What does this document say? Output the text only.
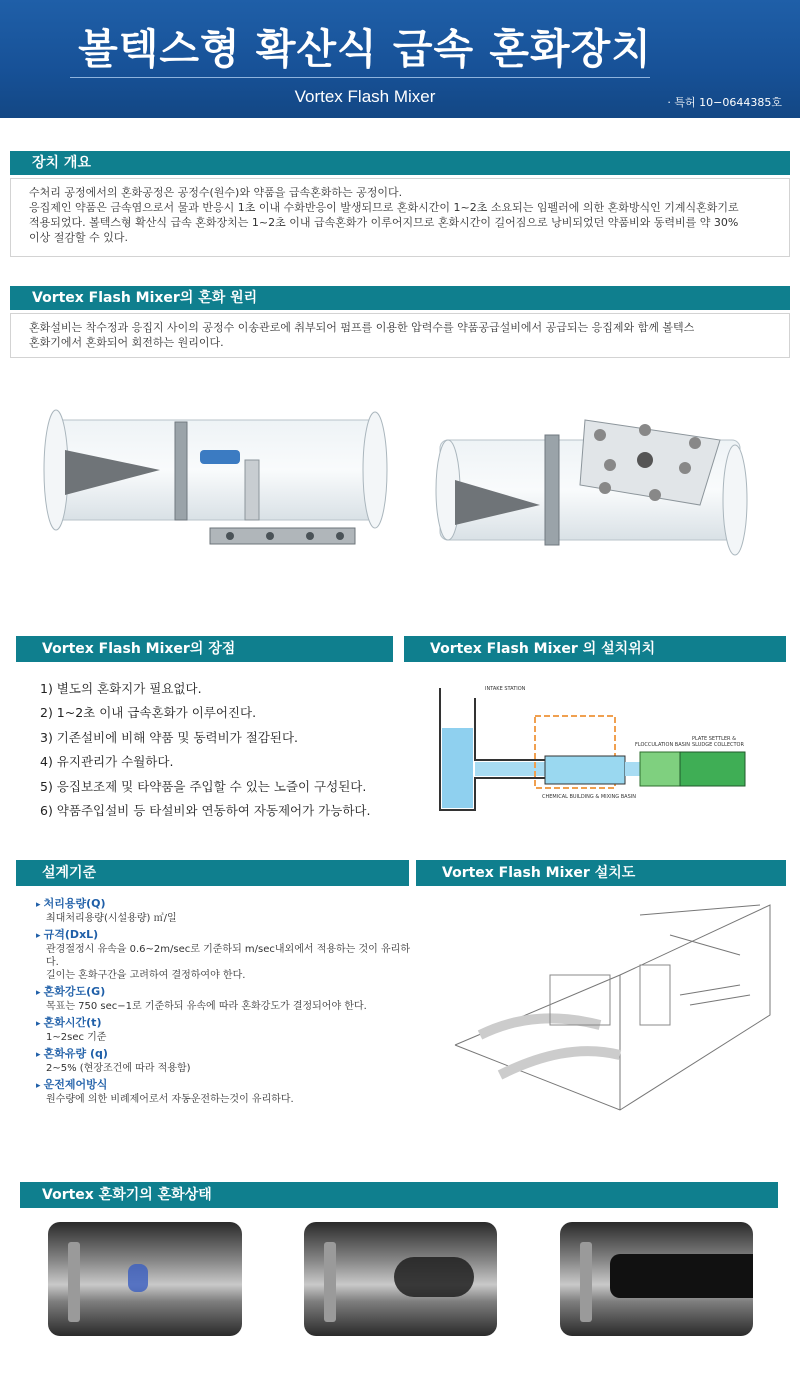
볼텍스형 확산식 급속 혼화장치
Vortex Flash Mixer	· 특허 10−0644385호
장치 개요
수처리 공정에서의 혼화공정은 공정수(원수)와 약품을 급속혼화하는 공정이다.
응집제인 약품은 금속염으로서 물과 반응시 1초 이내 수화반응이 발생되므로 혼화시간이 1~2초 소요되는 임펠러에 의한 혼화방식인 기계식혼화기로
적용되었다. 볼텍스형 확산식 급속 혼화장치는 1~2초 이내 급속혼화가 이루어지므로 혼화시간이 길어짐으로 낭비되었던 약품비와 동력비를 약 30%
이상 절감할 수 있다.
Vortex Flash Mixer의 혼화 원리
혼화설비는 착수정과 응집지 사이의 공정수 이송관로에 취부되어 펌프를 이용한 압력수를 약품공급설비에서 공급되는 응집제와 함께 볼텍스
혼화기에서 혼화되어 회전하는 원리이다.
Vortex Flash Mixer의 장점
1) 별도의 혼화지가 필요없다.
2) 1~2초 이내 급속혼화가 이루어진다.
3) 기존설비에 비해 약품 및 동력비가 절감된다.
4) 유지관리가 수월하다.
5) 응집보조제 및 타약품을 주입할 수 있는 노즐이 구성된다.
6) 약품주입설비 등 타설비와 연동하여 자동제어가 가능하다.
Vortex Flash Mixer 의 설치위치
INTAKE STATION
FLOCCULATION BASIN
PLATE SETTLER &
SLUDGE COLLECTOR
CHEMICAL BUILDING & MIXING BASIN
설계기준
▸ 처리용량(Q)
최대처리용량(시설용량) ㎥/일
▸ 규격(DxL)
관경절정시 유속을 0.6~2m/sec로 기준하되 m/sec내외에서 적용하는 것이 유리하다.
길이는 혼화구간을 고려하여 결정하여야 한다.
▸ 혼화강도(G)
목표는 750 sec−1로 기준하되 유속에 따라 혼화강도가 결정되어야 한다.
▸ 혼화시간(t)
1~2sec 기준
▸ 혼화유량 (q)
2~5% (현장조건에 따라 적용함)
▸ 운전제어방식
원수량에 의한 비례제어로서 자동운전하는것이 유리하다.
Vortex Flash Mixer 설치도
Vortex 혼화기의 혼화상태
